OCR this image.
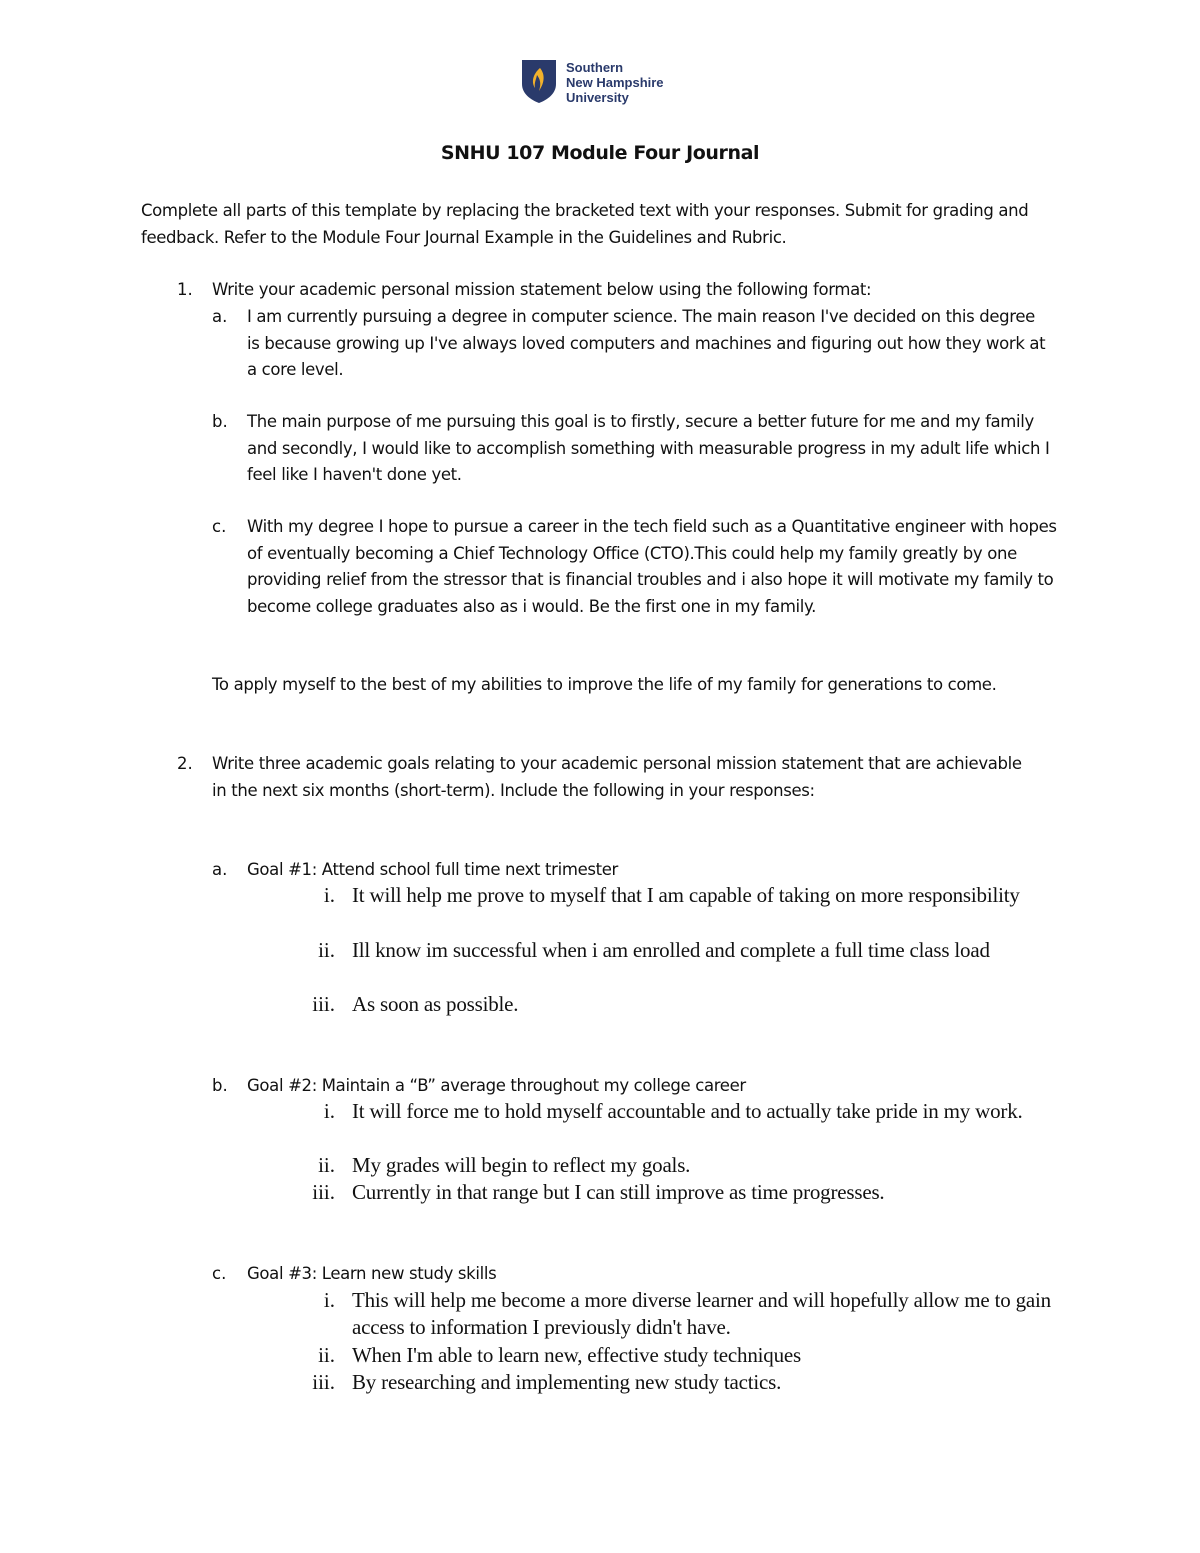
Southern
New Hampshire
University
SNHU 107 Module Four Journal
Complete all parts of this template by replacing the bracketed text with your responses. Submit for grading and feedback. Refer to the Module Four Journal Example in the Guidelines and Rubric.
1. Write your academic personal mission statement below using the following format:
a. I am currently pursuing a degree in computer science. The main reason I've decided on this degree is because growing up I've always loved computers and machines and figuring out how they work at a core level.
b. The main purpose of me pursuing this goal is to firstly, secure a better future for me and my family and secondly, I would like to accomplish something with measurable progress in my adult life which I feel like I haven't done yet.
c. With my degree I hope to pursue a career in the tech field such as a Quantitative engineer with hopes of eventually becoming a Chief Technology Office (CTO).This could help my family greatly by one providing relief from the stressor that is financial troubles and i also hope it will motivate my family to become college graduates also as i would. Be the first one in my family.
To apply myself to the best of my abilities to improve the life of my family for generations to come.
2. Write three academic goals relating to your academic personal mission statement that are achievable in the next six months (short-term). Include the following in your responses:
a. Goal #1: Attend school full time next trimester
i. It will help me prove to myself that I am capable of taking on more responsibility
ii. Ill know im successful when i am enrolled and complete a full time class load
iii. As soon as possible.
b. Goal #2: Maintain a “B” average throughout my college career
i. It will force me to hold myself accountable and to actually take pride in my work.
ii. My grades will begin to reflect my goals.
iii. Currently in that range but I can still improve as time progresses.
c. Goal #3: Learn new study skills
i. This will help me become a more diverse learner and will hopefully allow me to gain access to information I previously didn't have.
ii. When I'm able to learn new, effective study techniques
iii. By researching and implementing new study tactics.
